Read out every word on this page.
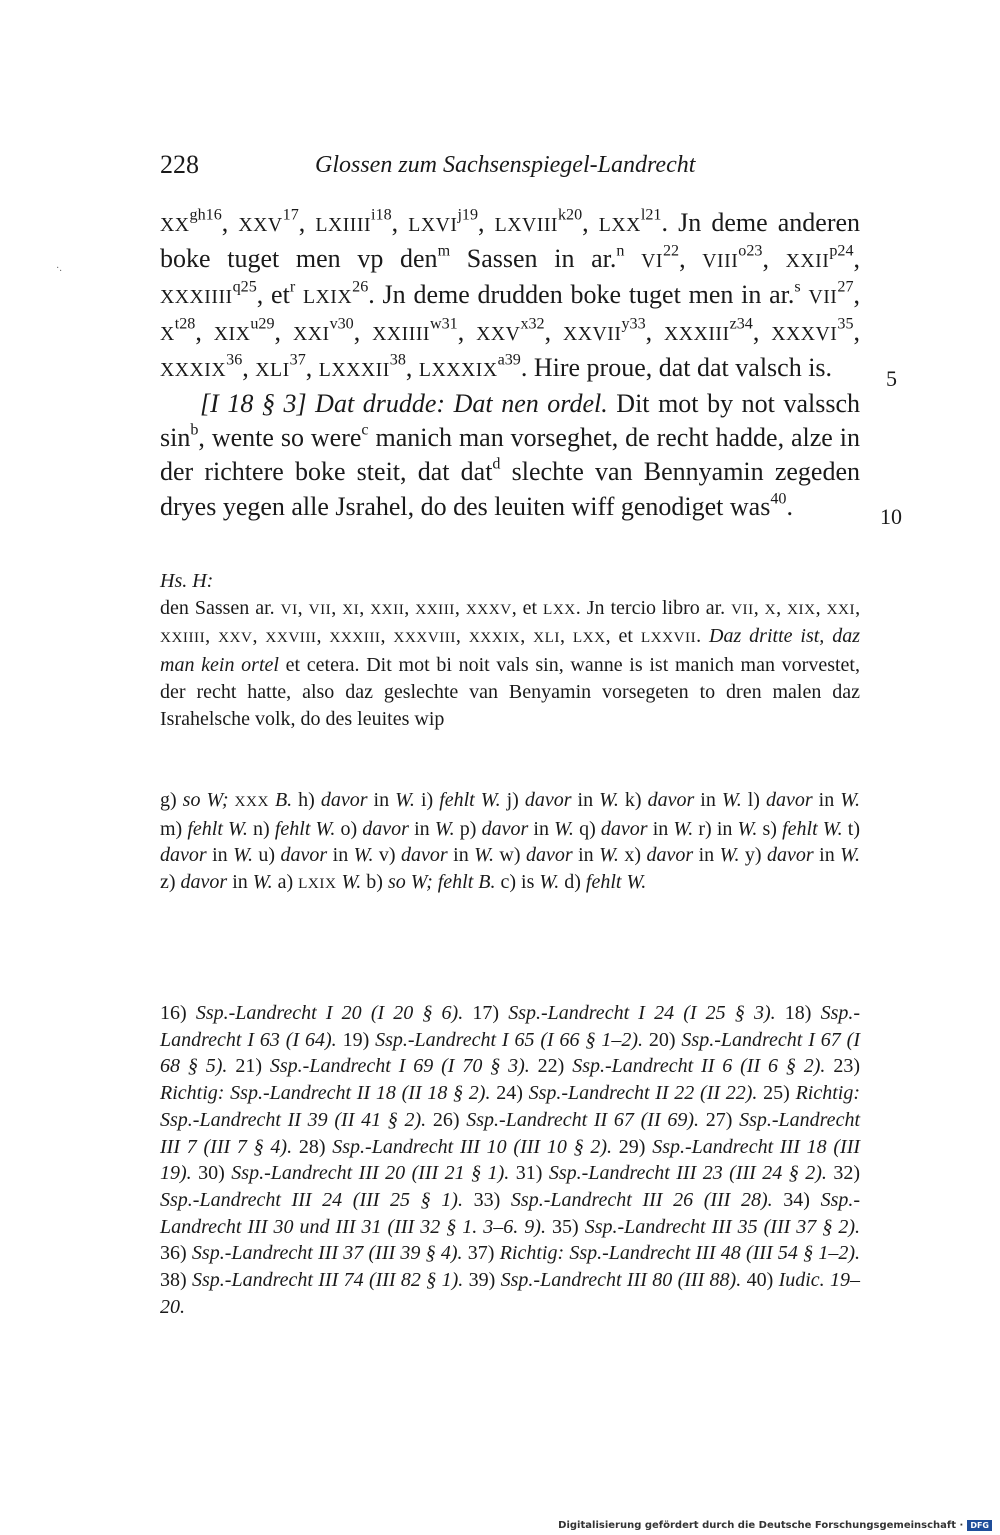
228	Glossen zum Sachsenspiegel-Landrecht
·.

$XX^{gh16}$, XXV$^{17}$, $LXIIII^{i18}$, $LXVI^{j19}$, $LXVIII^{k20}$, $LXX^{l21}$. Jn deme anderen boke tuget men vp den$^m$ Sassen in ar.$^n$ VI$^{22}$, $VIII^{o23}$, $XXII^{p24}$, $XXXIIII^{q25}$, $et^r$ LXIX$^{26}$. Jn deme drudden boke tuget men in ar.$^s$ VII$^{27}$, $X^{t28}$, $XIX^{u29}$, $XXI^{v30}$, $XXIIII^{w31}$, $XXV^{x32}$, $XXVII^{y33}$, $XXXIII^{z34}$, XXXVI$^{35}$, XXXIX$^{36}$, XLI$^{37}$, LXXXII$^{38}$, $LXXXIX^{a39}$. Hire proue, dat dat valsch is.

[I 18 § 3] Dat drudde: Dat nen ordel. Dit mot by not valssch $\sin^b$, wente so were$^c$ manich man vorseghet, de recht hadde, alze in der richtere boke steit, dat dat$^d$ slechte van Bennyamin zegeden dryes yegen alle Jsrahel, do des leuiten wiff genodiget was$^{40}$.

5
10

Hs. H:

den Sassen ar. VI, VII, XI, XXII, XXIII, XXXV, et LXX. Jn tercio libro ar. VII, X, XIX, XXI, XXIIII, XXV, XXVIII, XXXIII, XXXVIII, XXXIX, XLI, LXX, et LXXVII. Daz dritte ist, daz man kein ortel et cetera. Dit mot bi noit vals sin, wanne is ist manich man vorvestet, der recht hatte, also daz geslechte van Benyamin vorsegeten to dren malen daz Israhelsche volk, do des leuites wip

g) so W; XXX B. h) davor in W. i) fehlt W. j) davor in W. k) davor in W. l) davor in W. m) fehlt W. n) fehlt W. o) davor in W. p) davor in W. q) davor in W. r) in W. s) fehlt W. t) davor in W. u) davor in W. v) davor in W. w) davor in W. x) davor in W. y) davor in W. z) davor in W. a) LXIX W. b) so W; fehlt B. c) is W. d) fehlt W.

16) Ssp.-Landrecht I 20 (I 20 § 6). 17) Ssp.-Landrecht I 24 (I 25 § 3). 18) Ssp.-Landrecht I 63 (I 64). 19) Ssp.-Landrecht I 65 (I 66 § 1–2). 20) Ssp.-Landrecht I 67 (I 68 § 5). 21) Ssp.-Landrecht I 69 (I 70 § 3). 22) Ssp.-Landrecht II 6 (II 6 § 2). 23) Richtig: Ssp.-Landrecht II 18 (II 18 § 2). 24) Ssp.-Landrecht II 22 (II 22). 25) Richtig: Ssp.-Landrecht II 39 (II 41 § 2). 26) Ssp.-Landrecht II 67 (II 69). 27) Ssp.-Landrecht III 7 (III 7 § 4). 28) Ssp.-Landrecht III 10 (III 10 § 2). 29) Ssp.-Landrecht III 18 (III 19). 30) Ssp.-Landrecht III 20 (III 21 § 1). 31) Ssp.-Landrecht III 23 (III 24 § 2). 32) Ssp.-Landrecht III 24 (III 25 § 1). 33) Ssp.-Landrecht III 26 (III 28). 34) Ssp.-Landrecht III 30 und III 31 (III 32 § 1. 3–6. 9). 35) Ssp.-Landrecht III 35 (III 37 § 2). 36) Ssp.-Landrecht III 37 (III 39 § 4). 37) Richtig: Ssp.-Landrecht III 48 (III 54 § 1–2). 38) Ssp.-Landrecht III 74 (III 82 § 1). 39) Ssp.-Landrecht III 80 (III 88). 40) Iudic. 19–20.

Digitalisierung gefördert durch die Deutsche Forschungsgemeinschaft · DFG
